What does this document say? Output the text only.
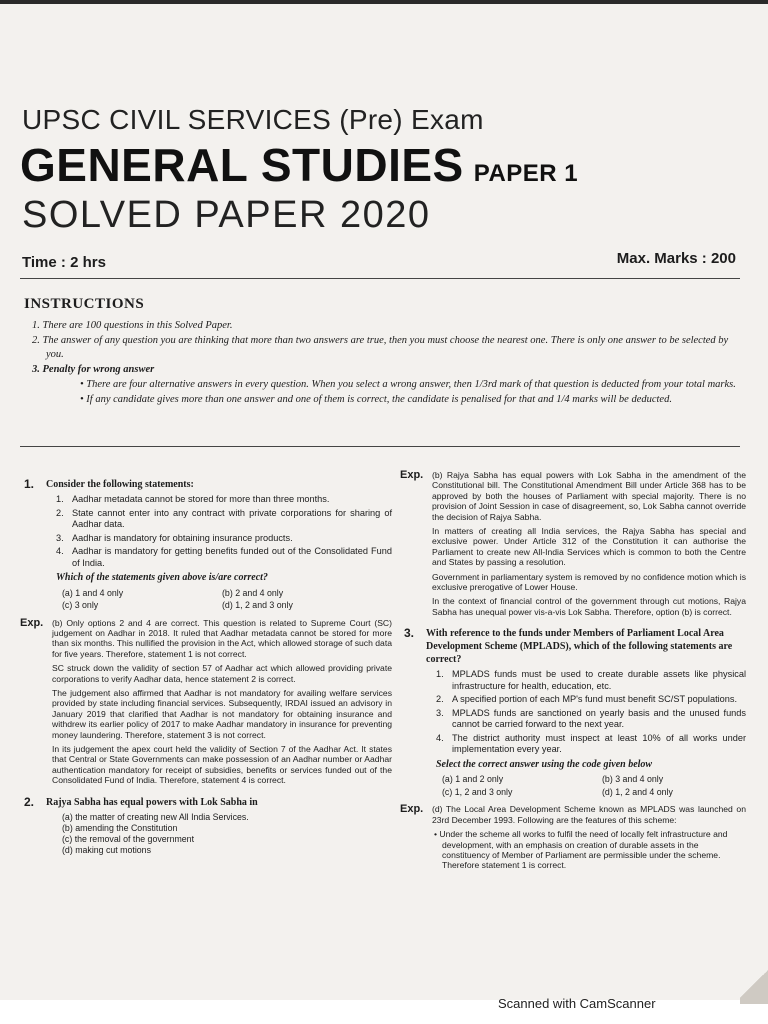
UPSC CIVIL SERVICES (Pre) Exam
GENERAL STUDIES PAPER 1
SOLVED PAPER 2020
Time : 2 hrs	Max. Marks : 200
INSTRUCTIONS
1. There are 100 questions in this Solved Paper.
2. The answer of any question you are thinking that more than two answers are true, then you must choose the nearest one. There is only one answer to be selected by you.
3. Penalty for wrong answer
• There are four alternative answers in every question. When you select a wrong answer, then 1/3rd mark of that question is deducted from your total marks.
• If any candidate gives more than one answer and one of them is correct, the candidate is penalised for that and 1/4 marks will be deducted.
1.	Consider the following statements:
1. Aadhar metadata cannot be stored for more than three months.
2. State cannot enter into any contract with private corporations for sharing of Aadhar data.
3. Aadhar is mandatory for obtaining insurance products.
4. Aadhar is mandatory for getting benefits funded out of the Consolidated Fund of India.
Which of the statements given above is/are correct?
(a) 1 and 4 only	(b) 2 and 4 only
(c) 3 only	(d) 1, 2 and 3 only
Exp.	(b) Only options 2 and 4 are correct. This question is related to Supreme Court (SC) judgement on Aadhar in 2018. It ruled that Aadhar metadata cannot be stored for more than six months. This nullified the provision in the Act, which allowed storage of such data for five years. Therefore, statement 1 is not correct.

SC struck down the validity of section 57 of Aadhar act which allowed providing private corporations to verify Aadhar data, hence statement 2 is correct.

The judgement also affirmed that Aadhar is not mandatory for availing welfare services provided by state including financial services. Subsequently, IRDAI issued an advisory in January 2019 that clarified that Aadhar is not mandatory for obtaining insurance and withdrew its earlier policy of 2017 to make Aadhar mandatory in insurance for preventing money laundering. Therefore, statement 3 is not correct.

In its judgement the apex court held the validity of Section 7 of the Aadhar Act. It states that Central or State Governments can make possession of an Aadhar number or Aadhar authentication mandatory for receipt of subsidies, benefits or services funded out of the Consolidated Fund of India. Therefore, statement 4 is correct.

2.	Rajya Sabha has equal powers with Lok Sabha in
(a) the matter of creating new All India Services.
(b) amending the Constitution
(c) the removal of the government
(d) making cut motions
Exp.	(b) Rajya Sabha has equal powers with Lok Sabha in the amendment of the Constitutional bill. The Constitutional Amendment Bill under Article 368 has to be approved by both the houses of Parliament with special majority. There is no provision of Joint Session in case of disagreement, so, Lok Sabha cannot override the decision of Rajya Sabha.

In matters of creating all India services, the Rajya Sabha has special and exclusive power. Under Article 312 of the Constitution it can authorise the Parliament to create new All-India Services which is common to both the Centre and States by passing a resolution.

Government in parliamentary system is removed by no confidence motion which is exclusive prerogative of Lower House.

In the context of financial control of the government through cut motions, Rajya Sabha has unequal power vis-a-vis Lok Sabha. Therefore, option (b) is correct.

3.	With reference to the funds under Members of Parliament Local Area Development Scheme (MPLADS), which of the following statements are correct?
1. MPLADS funds must be used to create durable assets like physical infrastructure for health, education, etc.
2. A specified portion of each MP's fund must benefit SC/ST populations.
3. MPLADS funds are sanctioned on yearly basis and the unused funds cannot be carried forward to the next year.
4. The district authority must inspect at least 10% of all works under implementation every year.
Select the correct answer using the code given below
(a) 1 and 2 only	(b) 3 and 4 only
(c) 1, 2 and 3 only	(d) 1, 2 and 4 only
Exp.	(d) The Local Area Development Scheme known as MPLADS was launched on 23rd December 1993. Following are the features of this scheme:

• Under the scheme all works to fulfil the need of locally felt infrastructure and development, with an emphasis on creation of durable assets in the constituency of Member of Parliament are permissible under the scheme. Therefore statement 1 is correct.
Scanned with CamScanner
